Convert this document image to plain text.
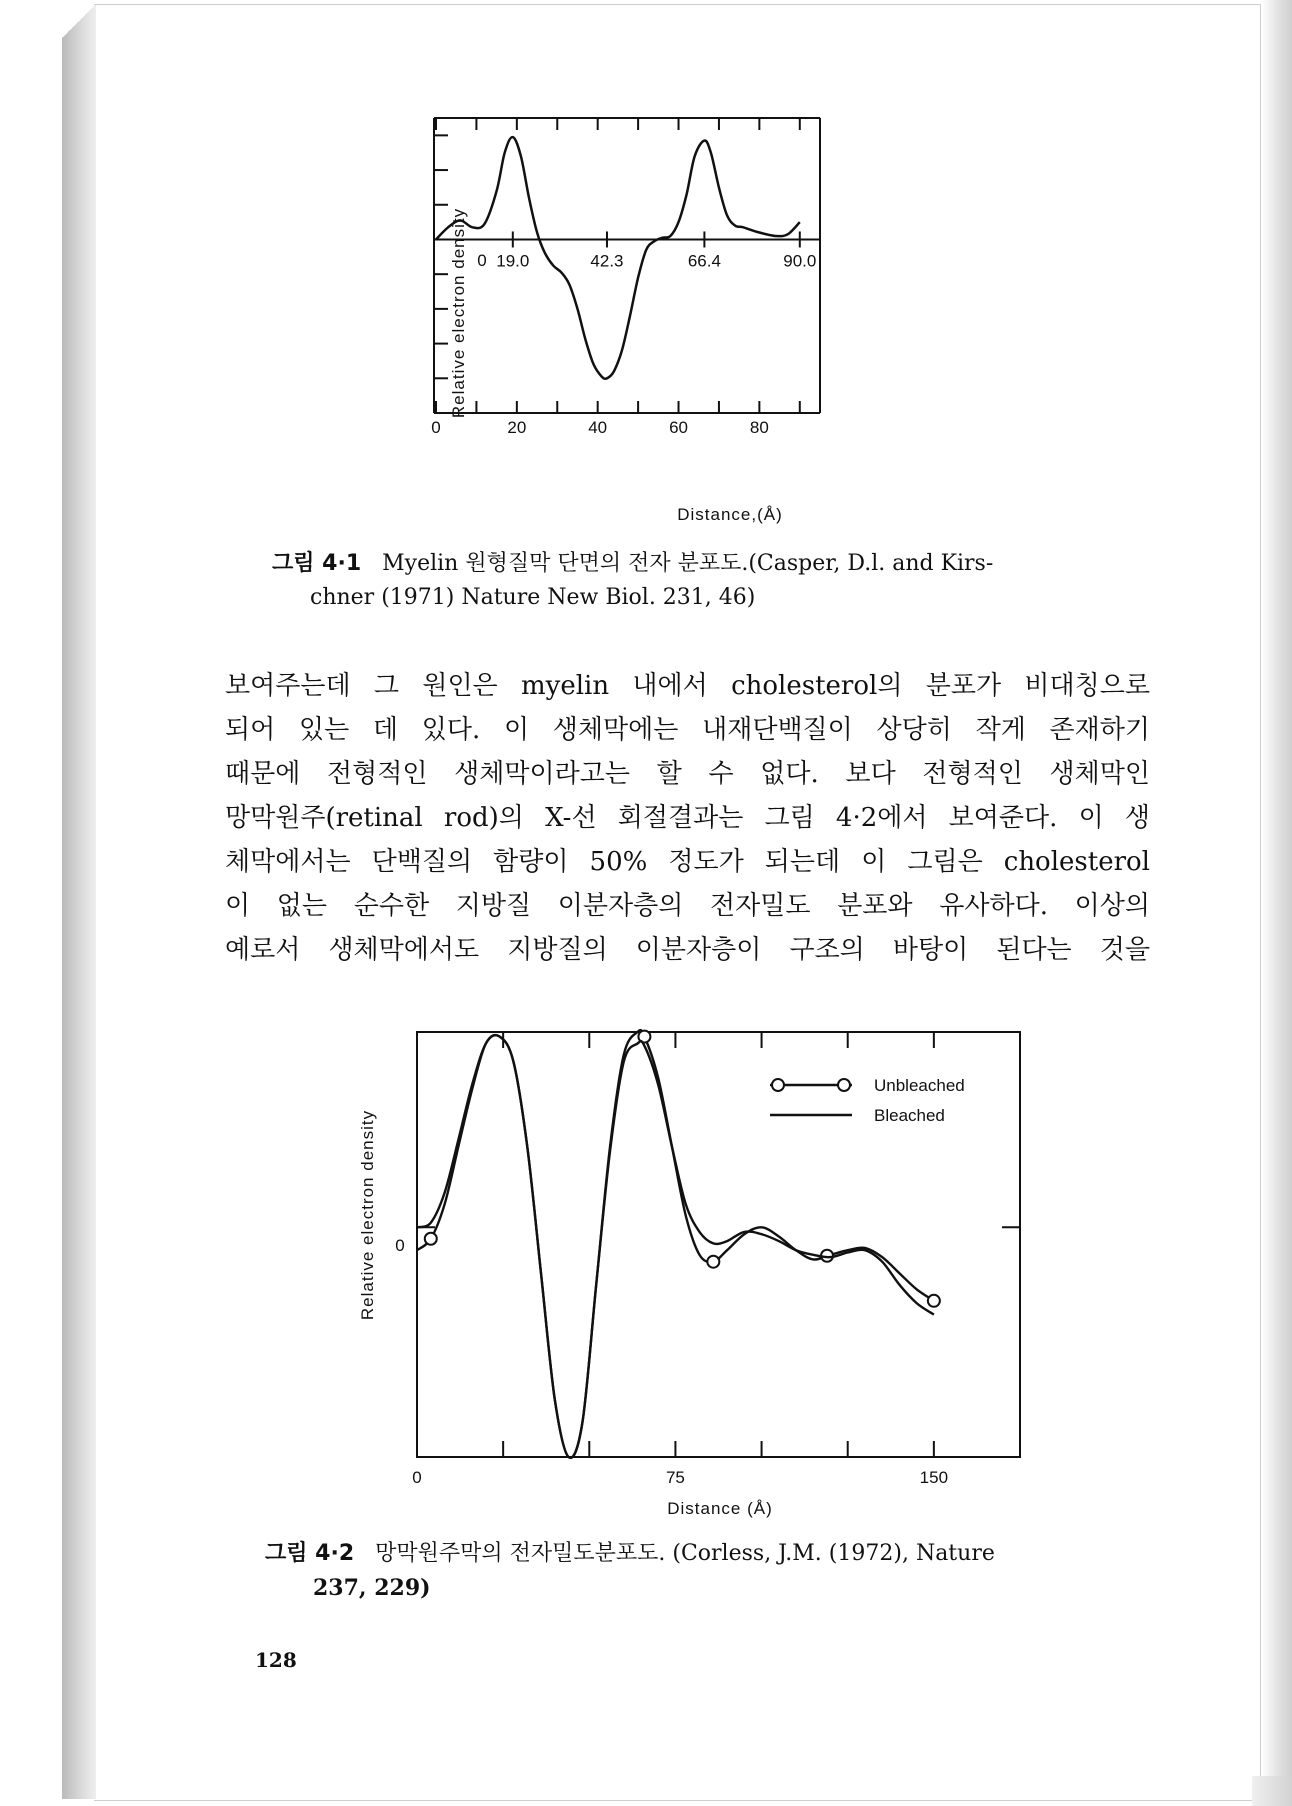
Relative electron density 0
Distance,(Å)
0	20	40	60	80
19.0	42.3	66.4	90.0
그림 4·1 Myelin 원형질막 단면의 전자 분포도.(Casper, D.l. and Kirs-
chner (1971) Nature New Biol. 231, 46)
보여주는데 그 원인은 myelin 내에서 cholesterol의 분포가 비대칭으로
되어 있는 데 있다. 이 생체막에는 내재단백질이 상당히 작게 존재하기
때문에 전형적인 생체막이라고는 할 수 없다. 보다 전형적인 생체막인
망막원주(retinal rod)의 X-선 회절결과는 그림 4·2에서 보여준다. 이 생
체막에서는 단백질의 함량이 50% 정도가 되는데 이 그림은 cholesterol
이 없는 순수한 지방질 이분자층의 전자밀도 분포와 유사하다. 이상의
예로서 생체막에서도 지방질의 이분자층이 구조의 바탕이 된다는 것을
Relative electron density 0
Distance (Å)
0	75	150
Unbleached
Bleached
그림 4·2 망막원주막의 전자밀도분포도. (Corless, J.M. (1972), Nature
237, 229)
128
